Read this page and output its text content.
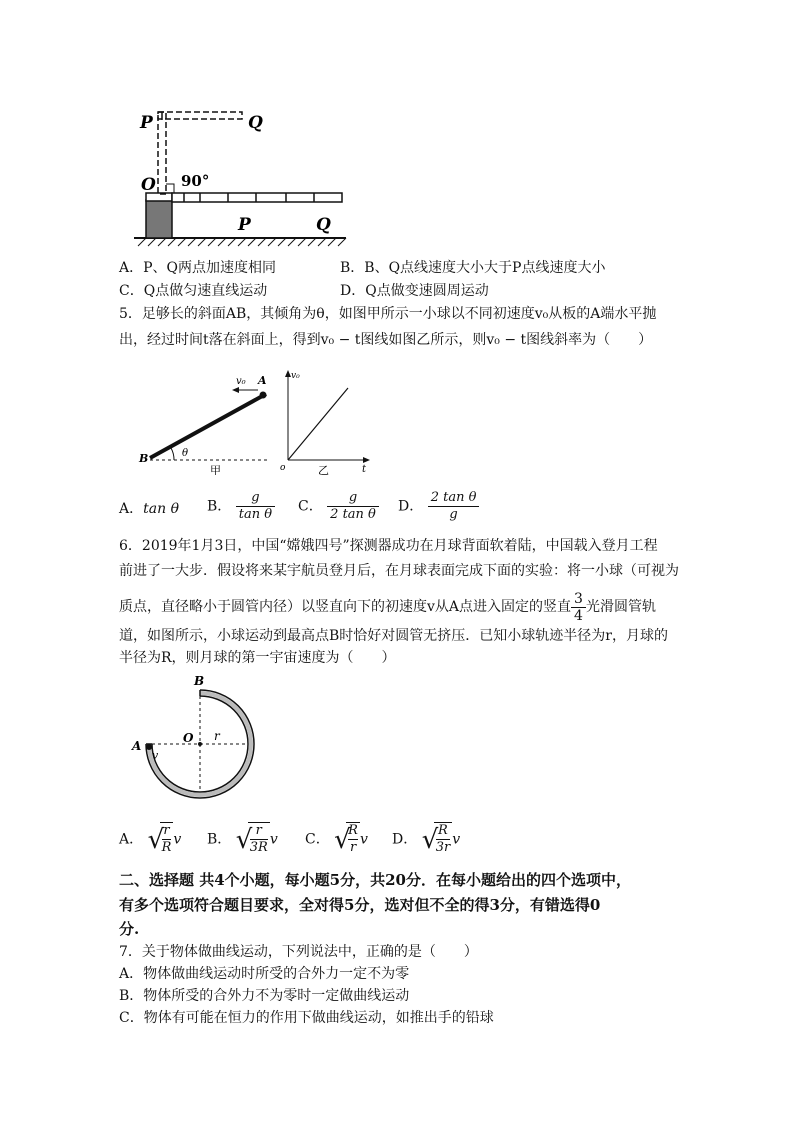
P	Q
O 90°
P	Q
A．P、Q两点加速度相同	B．B、Q点线速度大小大于P点线速度大小
C．Q点做匀速直线运动	D．Q点做变速圆周运动
5．足够长的斜面AB，其倾角为θ，如图甲所示一小球以不同初速度v₀从板的A端水平抛
出，经过时间t落在斜面上，得到v₀ − t图线如图乙所示，则v₀ − t图线斜率为（　　）
A
B
v₀
θ
甲
v₀
o	t
乙
A．tan θ B． $\frac{g}{\text{tan θ}}$ C． $\frac{g}{\text{2 tan θ}}$ D． $\frac{\text{2 tan θ}}{g}$
6．2019年1月3日，中国“嫦娥四号”探测器成功在月球背面软着陆，中国载入登月工程
前进了一大步．假设将来某宇航员登月后，在月球表面完成下面的实验：将一小球（可视为
质点，直径略小于圆管内径）以竖直向下的初速度v从A点进入固定的竖直 $\frac{3}{4}$ 光滑圆管轨
道，如图所示，小球运动到最高点B时恰好对圆管无挤压．已知小球轨迹半径为r，月球的
半径为R，则月球的第一宇宙速度为（　　）
B
O r
A
v
A． √
$\frac{r}{R}$ v B． √
$\frac{r}{3R}$ v C． √
$\frac{R}{r}$ v D． √
$\frac{R}{3r}$ v
二、选择题 共4个小题，每小题5分，共20分．在每小题给出的四个选项中，
有多个选项符合题目要求，全对得5分，选对但不全的得3分，有错选得0
分.
7．关于物体做曲线运动，下列说法中，正确的是（　　）
A．物体做曲线运动时所受的合外力一定不为零
B．物体所受的合外力不为零时一定做曲线运动
C．物体有可能在恒力的作用下做曲线运动，如推出手的铅球
